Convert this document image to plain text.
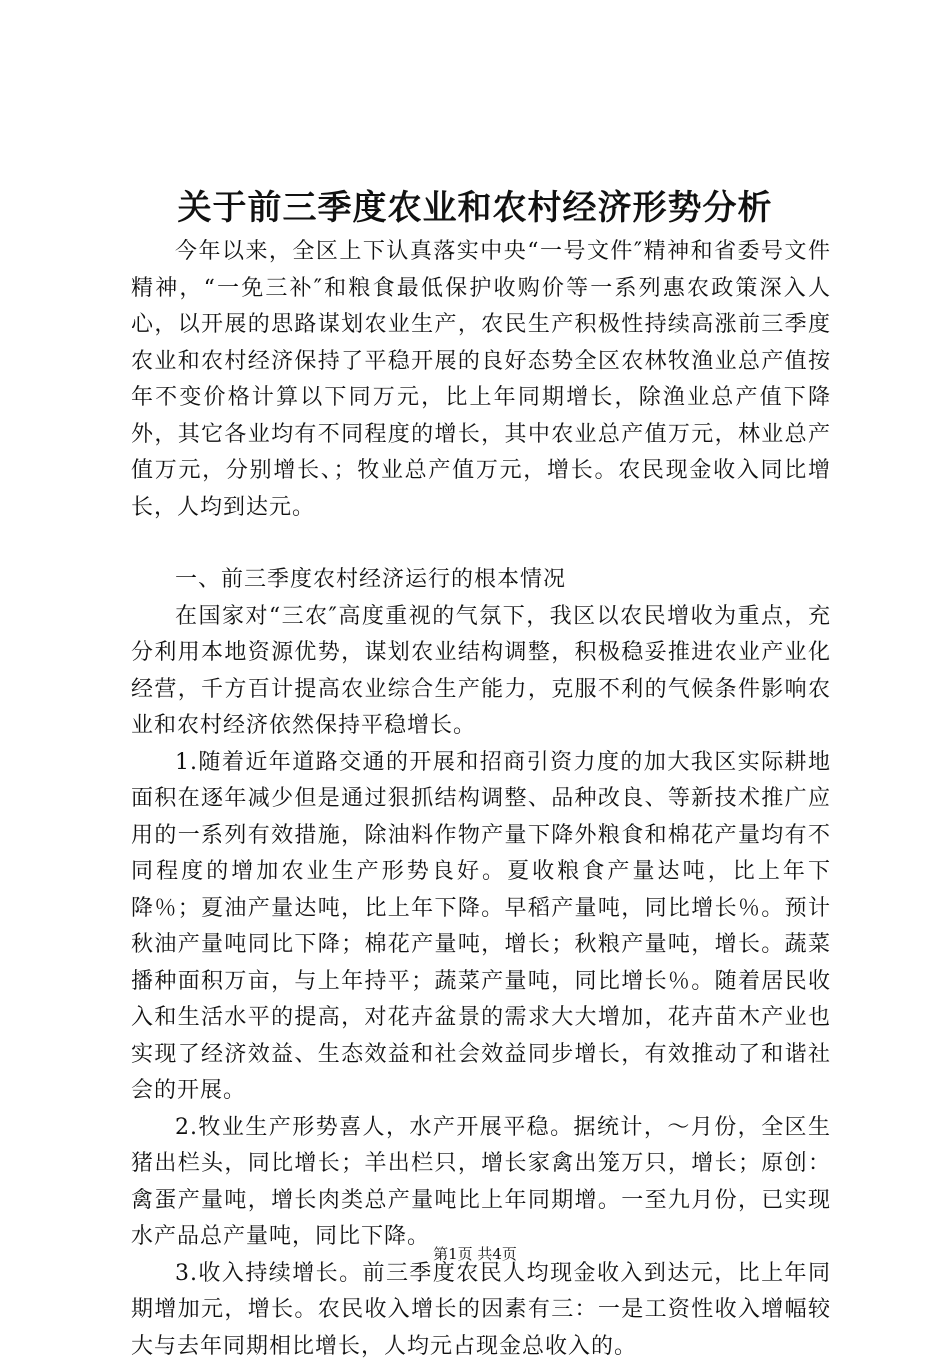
关于前三季度农业和农村经济形势分析

今年以来，全区上下认真落实中央“一号文件″精神和省委号文件精神，“一免三补″和粮食最低保护收购价等一系列惠农政策深入人心，以开展的思路谋划农业生产，农民生产积极性持续高涨前三季度农业和农村经济保持了平稳开展的良好态势全区农林牧渔业总产值按年不变价格计算以下同万元，比上年同期增长，除渔业总产值下降外，其它各业均有不同程度的增长，其中农业总产值万元，林业总产值万元，分别增长、；牧业总产值万元，增长。农民现金收入同比增长，人均到达元。

一、前三季度农村经济运行的根本情况

在国家对“三农″高度重视的气氛下，我区以农民增收为重点，充分利用本地资源优势，谋划农业结构调整，积极稳妥推进农业产业化经营，千方百计提高农业综合生产能力，克服不利的气候条件影响农业和农村经济依然保持平稳增长。

1.随着近年道路交通的开展和招商引资力度的加大我区实际耕地面积在逐年减少但是通过狠抓结构调整、品种改良、等新技术推广应用的一系列有效措施，除油料作物产量下降外粮食和棉花产量均有不同程度的增加农业生产形势良好。夏收粮食产量达吨，比上年下降％；夏油产量达吨，比上年下降。早稻产量吨，同比增长％。预计秋油产量吨同比下降；棉花产量吨，增长；秋粮产量吨，增长。蔬菜播种面积万亩，与上年持平；蔬菜产量吨，同比增长％。随着居民收入和生活水平的提高，对花卉盆景的需求大大增加，花卉苗木产业也实现了经济效益、生态效益和社会效益同步增长，有效推动了和谐社会的开展。

2.牧业生产形势喜人，水产开展平稳。据统计，～月份，全区生猪出栏头，同比增长；羊出栏只，增长家禽出笼万只，增长；原创：禽蛋产量吨，增长肉类总产量吨比上年同期增。一至九月份，已实现水产品总产量吨，同比下降。

3.收入持续增长。前三季度农民人均现金收入到达元，比上年同期增加元，增长。农民收入增长的因素有三：一是工资性收入增幅较大与去年同期相比增长，人均元占现金总收入的。

第1页 共4页
